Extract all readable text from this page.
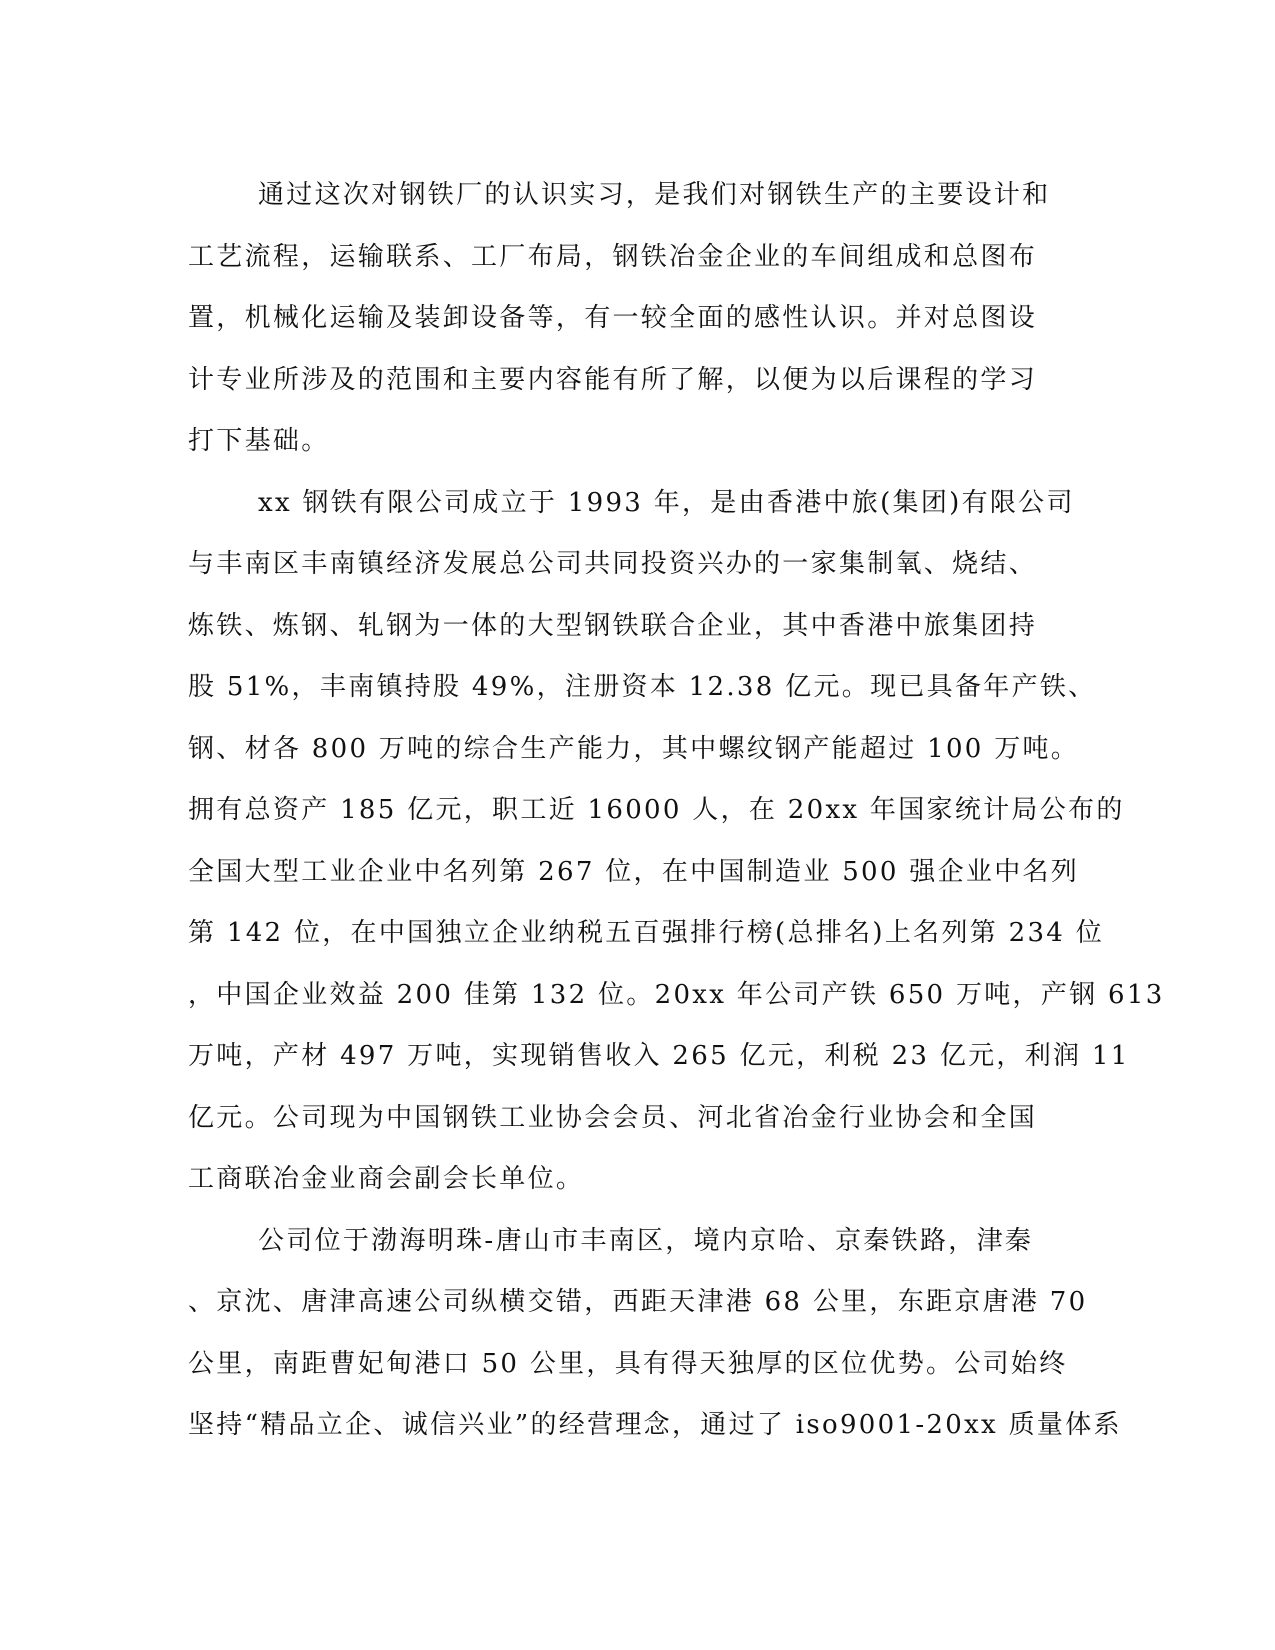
通过这次对钢铁厂的认识实习，是我们对钢铁生产的主要设计和
工艺流程，运输联系、工厂布局，钢铁冶金企业的车间组成和总图布
置，机械化运输及装卸设备等，有一较全面的感性认识。并对总图设
计专业所涉及的范围和主要内容能有所了解，以便为以后课程的学习
打下基础。
xx 钢铁有限公司成立于 1993 年，是由香港中旅(集团)有限公司
与丰南区丰南镇经济发展总公司共同投资兴办的一家集制氧、烧结、
炼铁、炼钢、轧钢为一体的大型钢铁联合企业，其中香港中旅集团持
股 51%，丰南镇持股 49%，注册资本 12.38 亿元。现已具备年产铁、
钢、材各 800 万吨的综合生产能力，其中螺纹钢产能超过 100 万吨。
拥有总资产 185 亿元，职工近 16000 人，在 20xx 年国家统计局公布的
全国大型工业企业中名列第 267 位，在中国制造业 500 强企业中名列
第 142 位，在中国独立企业纳税五百强排行榜(总排名)上名列第 234 位
，中国企业效益 200 佳第 132 位。20xx 年公司产铁 650 万吨，产钢 613
万吨，产材 497 万吨，实现销售收入 265 亿元，利税 23 亿元，利润 11
亿元。公司现为中国钢铁工业协会会员、河北省冶金行业协会和全国
工商联冶金业商会副会长单位。
公司位于渤海明珠-唐山市丰南区，境内京哈、京秦铁路，津秦
、京沈、唐津高速公司纵横交错，西距天津港 68 公里，东距京唐港 70
公里，南距曹妃甸港口 50 公里，具有得天独厚的区位优势。公司始终
坚持“精品立企、诚信兴业”的经营理念，通过了 iso9001-20xx 质量体系
